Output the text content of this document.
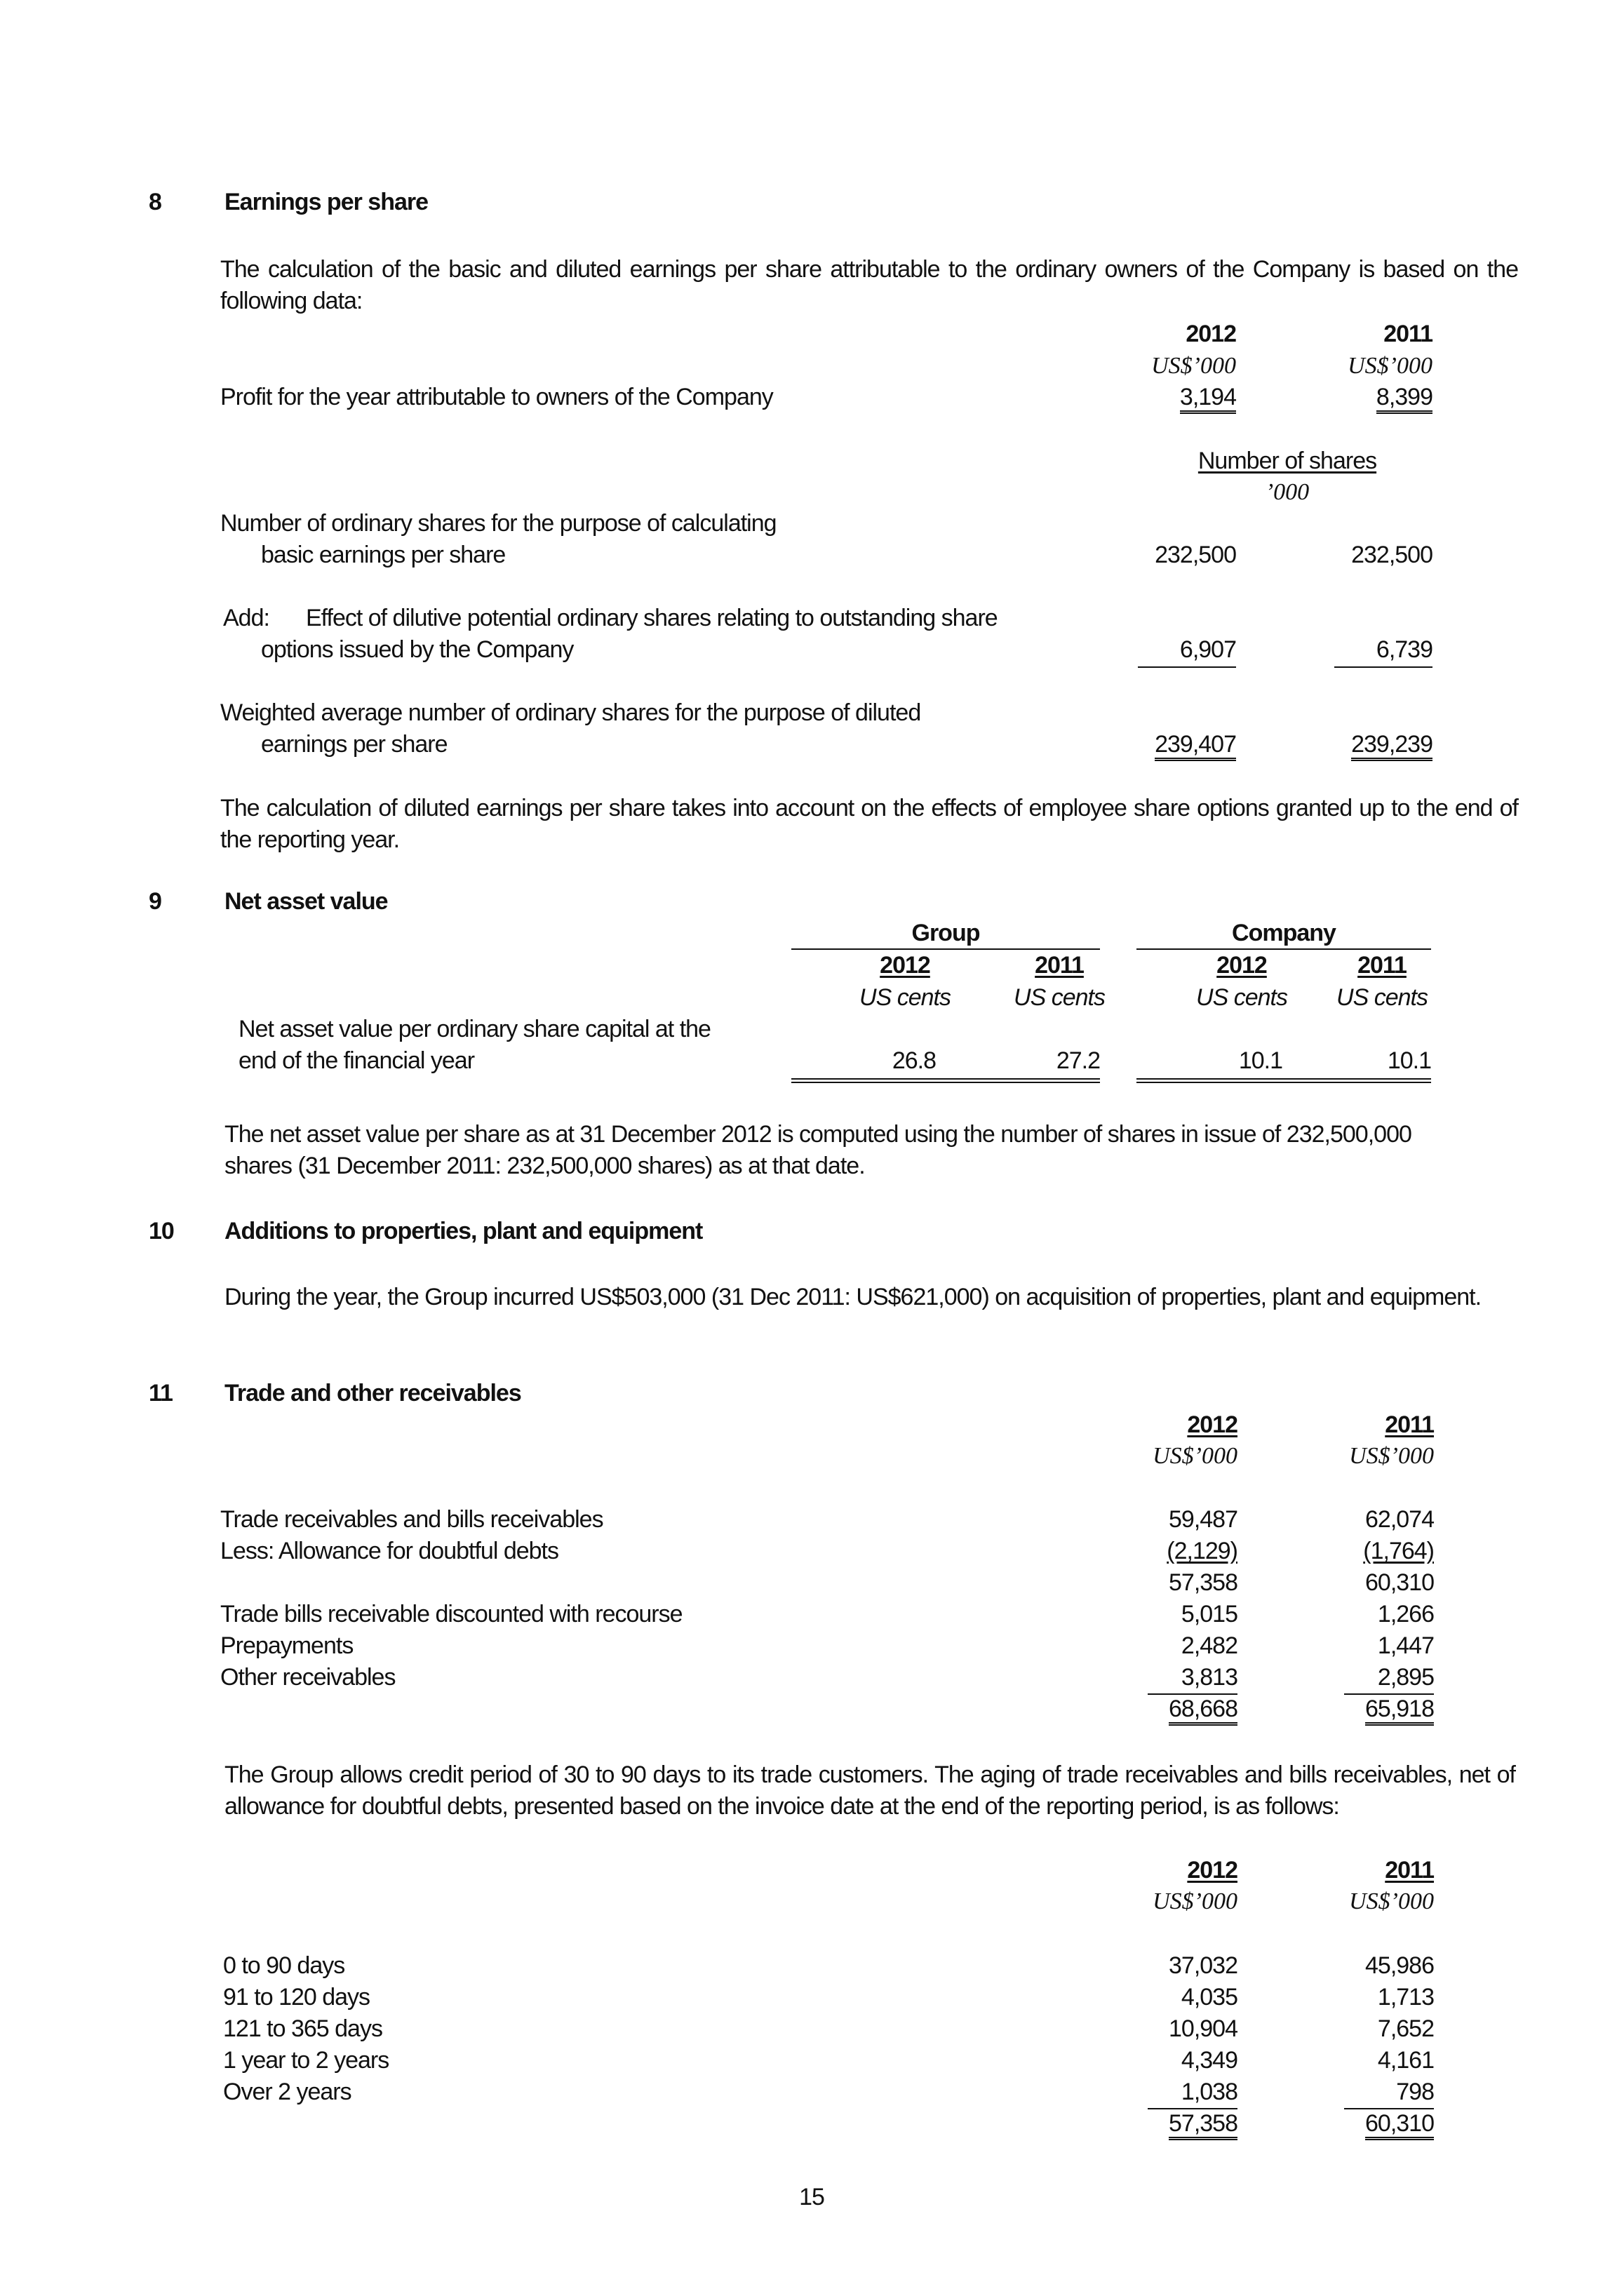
8	Earnings per share
The calculation of the basic and diluted earnings per share attributable to the ordinary owners of the Company is based on the following data:
2012	2011
US$’000	US$’000
Profit for the year attributable to owners of the Company	3,194	8,399
Number of shares
’000
Number of ordinary shares for the purpose of calculating
basic earnings per share	232,500	232,500
Add: Effect of dilutive potential ordinary shares relating to outstanding share
options issued by the Company	6,907	6,739
Weighted average number of ordinary shares for the purpose of diluted
earnings per share	239,407	239,239
The calculation of diluted earnings per share takes into account on the effects of employee share options granted up to the end of the reporting year.
9	Net asset value
Group	Company
2012	2011	2012	2011
US cents	US cents	US cents	US cents
Net asset value per ordinary share capital at the
end of the financial year	26.8	27.2	10.1	10.1
The net asset value per share as at 31 December 2012 is computed using the number of shares in issue of 232,500,000 shares (31 December 2011: 232,500,000 shares) as at that date.
10 Additions to properties, plant and equipment
During the year, the Group incurred US$503,000 (31 Dec 2011: US$621,000) on acquisition of properties, plant and equipment.
11 Trade and other receivables
2012	2011
US$’000	US$’000
Trade receivables and bills receivables	59,487	62,074
Less: Allowance for doubtful debts	(2,129)	(1,764)
57,358	60,310
Trade bills receivable discounted with recourse	5,015	1,266
Prepayments	2,482	1,447
Other receivables	3,813	2,895
68,668	65,918
The Group allows credit period of 30 to 90 days to its trade customers. The aging of trade receivables and bills receivables, net of allowance for doubtful debts, presented based on the invoice date at the end of the reporting period, is as follows:
2012	2011
US$’000	US$’000
0 to 90 days	37,032	45,986
91 to 120 days	4,035	1,713
121 to 365 days	10,904	7,652
1 year to 2 years	4,349	4,161
Over 2 years	1,038	798
57,358	60,310
15
